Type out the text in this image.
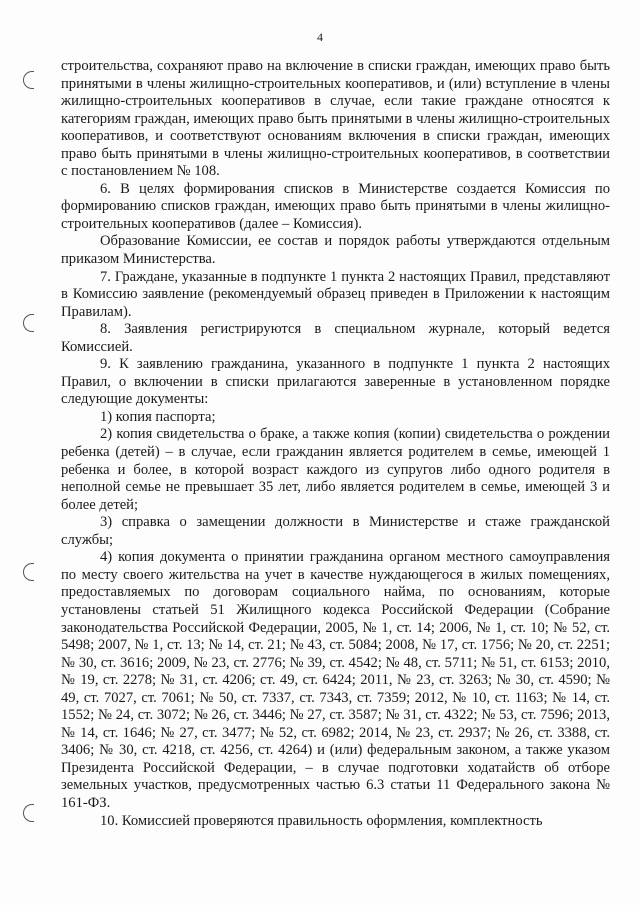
4

строительства, сохраняют право на включение в списки граждан, имеющих право быть принятыми в члены жилищно-строительных кооперативов, и (или) вступление в члены жилищно-строительных кооперативов в случае, если такие граждане относятся к категориям граждан, имеющих право быть принятыми в члены жилищно-строительных кооперативов, и соответствуют основаниям включения в списки граждан, имеющих право быть принятыми в члены жилищно-строительных кооперативов, в соответствии с постановлением № 108.

6. В целях формирования списков в Министерстве создается Комиссия по формированию списков граждан, имеющих право быть принятыми в члены жилищно-строительных кооперативов (далее – Комиссия).

Образование Комиссии, ее состав и порядок работы утверждаются отдельным приказом Министерства.

7. Граждане, указанные в подпункте 1 пункта 2 настоящих Правил, представляют в Комиссию заявление (рекомендуемый образец приведен в Приложении к настоящим Правилам).

8. Заявления регистрируются в специальном журнале, который ведется Комиссией.

9. К заявлению гражданина, указанного в подпункте 1 пункта 2 настоящих Правил, о включении в списки прилагаются заверенные в установленном порядке следующие документы:

1) копия паспорта;

2) копия свидетельства о браке, а также копия (копии) свидетельства о рождении ребенка (детей) – в случае, если гражданин является родителем в семье, имеющей 1 ребенка и более, в которой возраст каждого из супругов либо одного родителя в неполной семье не превышает 35 лет, либо является родителем в семье, имеющей 3 и более детей;

3) справка о замещении должности в Министерстве и стаже гражданской службы;

4) копия документа о принятии гражданина органом местного самоуправления по месту своего жительства на учет в качестве нуждающегося в жилых помещениях, предоставляемых по договорам социального найма, по основаниям, которые установлены статьей 51 Жилищного кодекса Российской Федерации (Собрание законодательства Российской Федерации, 2005, № 1, ст. 14; 2006, № 1, ст. 10; № 52, ст. 5498; 2007, № 1, ст. 13; № 14, ст. 21; № 43, ст. 5084; 2008, № 17, ст. 1756; № 20, ст. 2251; № 30, ст. 3616; 2009, № 23, ст. 2776; № 39, ст. 4542; № 48, ст. 5711; № 51, ст. 6153; 2010, № 19, ст. 2278; № 31, ст. 4206; ст. 49, ст. 6424; 2011, № 23, ст. 3263; № 30, ст. 4590; № 49, ст. 7027, ст. 7061; № 50, ст. 7337, ст. 7343, ст. 7359; 2012, № 10, ст. 1163; № 14, ст. 1552; № 24, ст. 3072; № 26, ст. 3446; № 27, ст. 3587; № 31, ст. 4322; № 53, ст. 7596; 2013, № 14, ст. 1646; № 27, ст. 3477; № 52, ст. 6982; 2014, № 23, ст. 2937; № 26, ст. 3388, ст. 3406; № 30, ст. 4218, ст. 4256, ст. 4264) и (или) федеральным законом, а также указом Президента Российской Федерации, – в случае подготовки ходатайств об отборе земельных участков, предусмотренных частью 6.3 статьи 11 Федерального закона № 161-ФЗ.

10. Комиссией проверяются правильность оформления, комплектность
